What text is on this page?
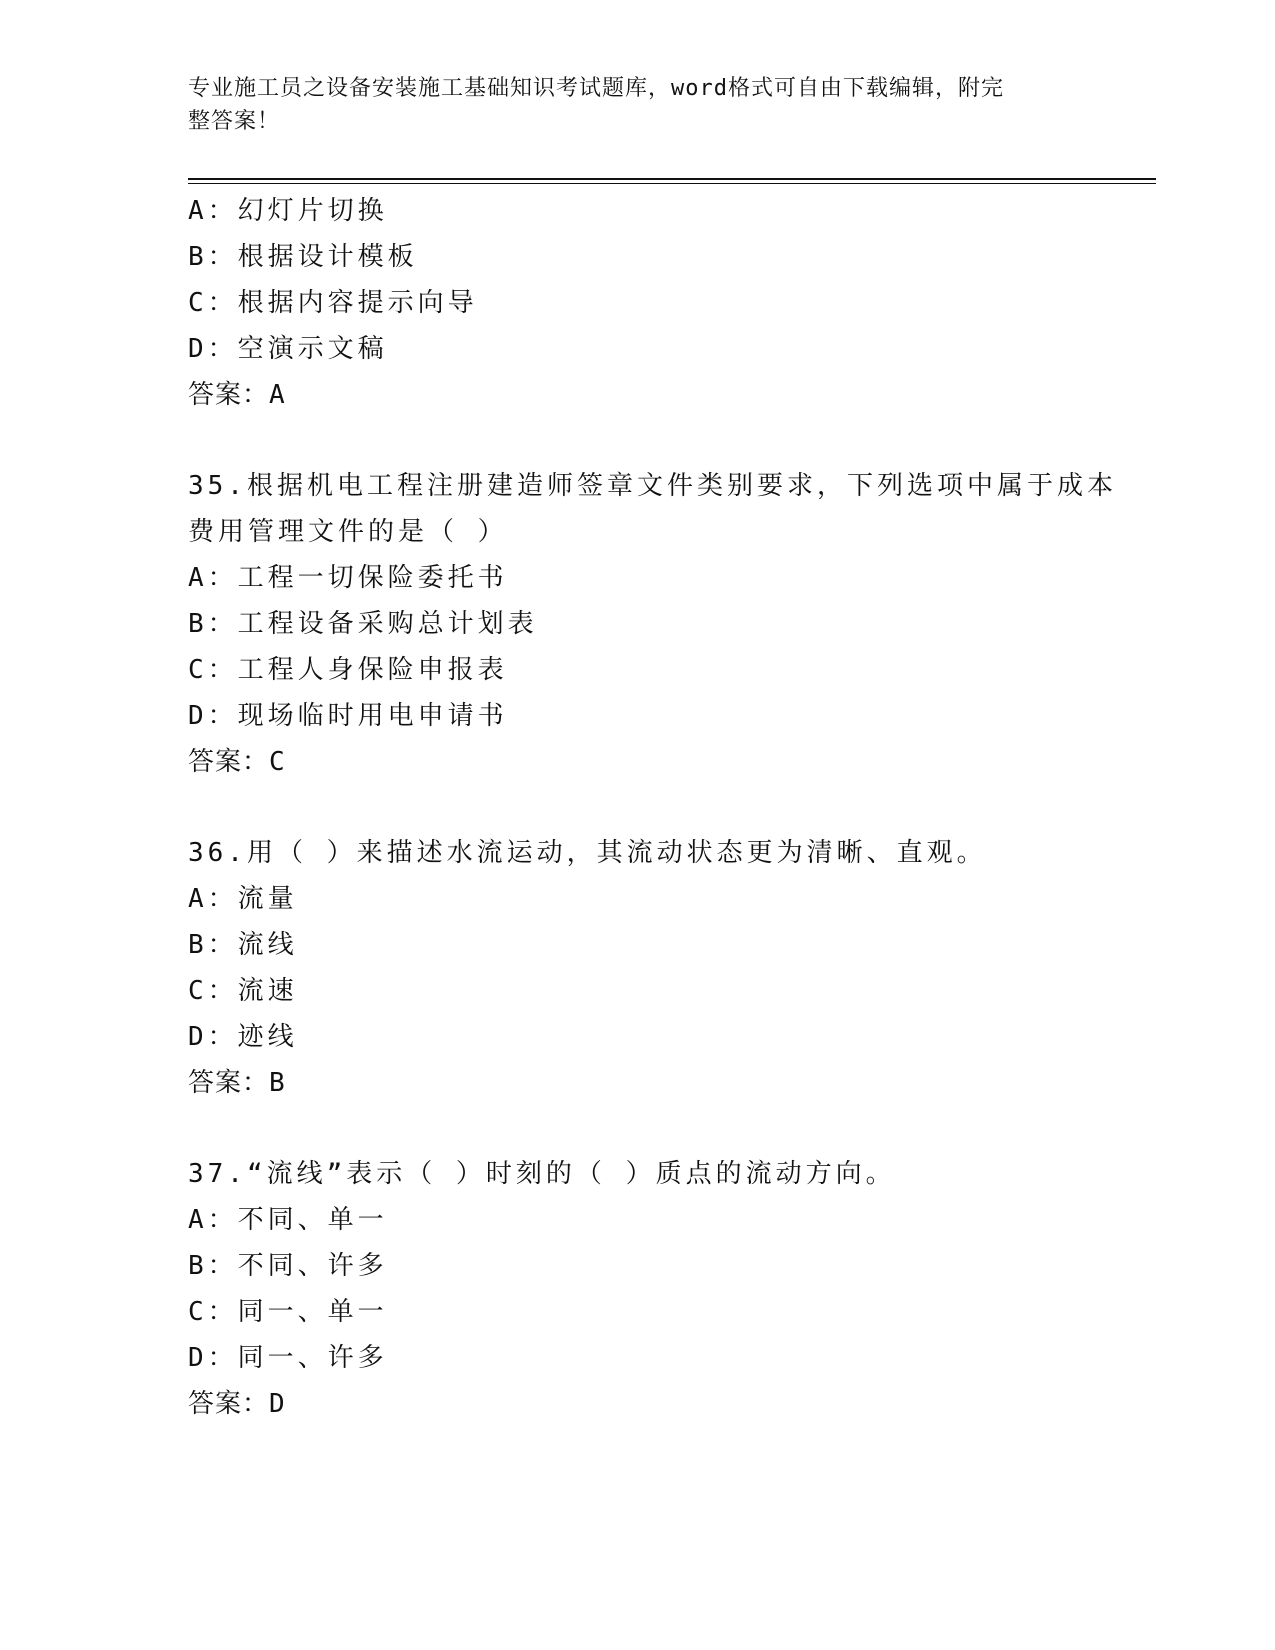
专业施工员之设备安装施工基础知识考试题库，word格式可自由下载编辑，附完
整答案！
A：幻灯片切换
B：根据设计模板
C：根据内容提示向导
D：空演示文稿
答案：A
35.根据机电工程注册建造师签章文件类别要求，下列选项中属于成本
费用管理文件的是（ ）
A：工程一切保险委托书
B：工程设备采购总计划表
C：工程人身保险申报表
D：现场临时用电申请书
答案：C
36.用（ ）来描述水流运动，其流动状态更为清晰、直观。
A：流量
B：流线
C：流速
D：迹线
答案：B
37.“流线”表示（ ）时刻的（ ）质点的流动方向。
A：不同、单一
B：不同、许多
C：同一、单一
D：同一、许多
答案：D
